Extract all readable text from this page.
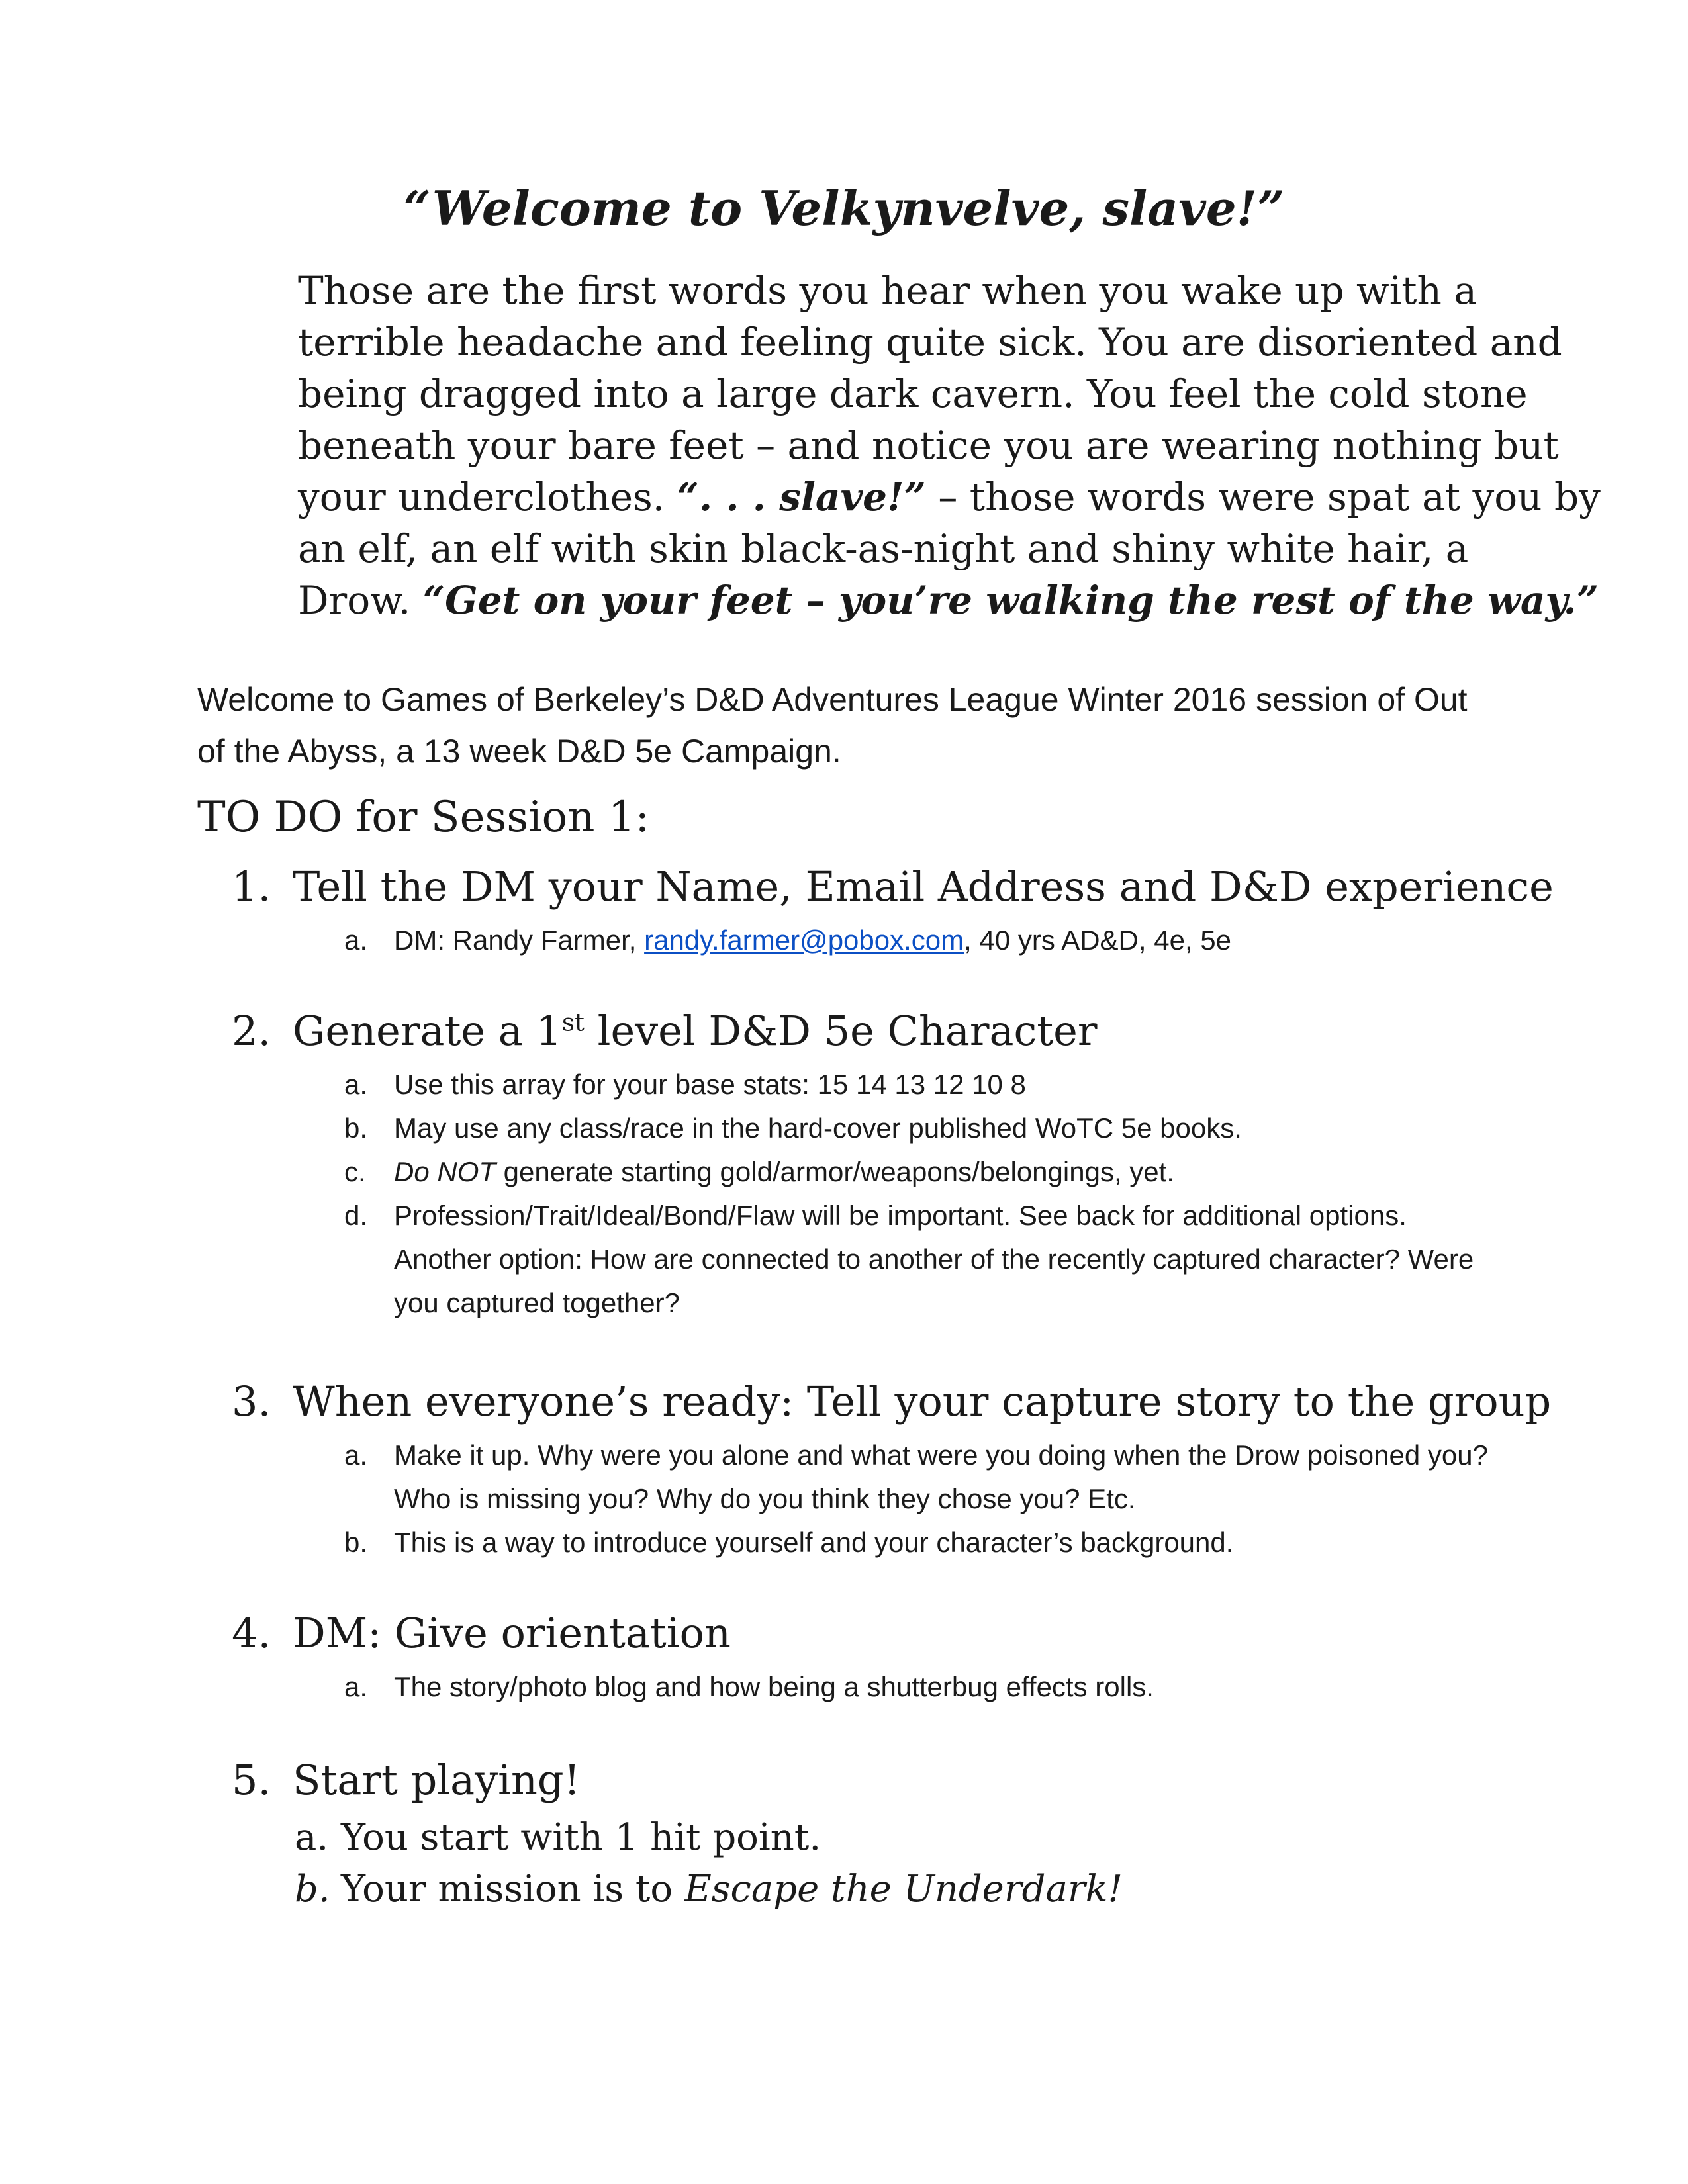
“Welcome to Velkynvelve, slave!”
Those are the first words you hear when you wake up with a
terrible headache and feeling quite sick. You are disoriented and
being dragged into a large dark cavern. You feel the cold stone
beneath your bare feet – and notice you are wearing nothing but
your underclothes. “. . . slave!” – those words were spat at you by
an elf, an elf with skin black-as-night and shiny white hair, a
Drow. “Get on your feet – you’re walking the rest of the way.”
Welcome to Games of Berkeley’s D&D Adventures League Winter 2016 session of Out of the Abyss, a 13 week D&D 5e Campaign.
TO DO for Session 1:
1. Tell the DM your Name, Email Address and D&D experience
a. DM: Randy Farmer, randy.farmer@pobox.com, 40 yrs AD&D, 4e, 5e
2. Generate a 1st level D&D 5e Character
a. Use this array for your base stats: 15 14 13 12 10 8
b. May use any class/race in the hard-cover published WoTC 5e books.
c. Do NOT generate starting gold/armor/weapons/belongings, yet.
d. Profession/Trait/Ideal/Bond/Flaw will be important. See back for additional options. Another option: How are connected to another of the recently captured character? Were you captured together?
3. When everyone’s ready: Tell your capture story to the group
a. Make it up. Why were you alone and what were you doing when the Drow poisoned you? Who is missing you? Why do you think they chose you? Etc.
b. This is a way to introduce yourself and your character’s background.
4. DM: Give orientation
a. The story/photo blog and how being a shutterbug effects rolls.
5. Start playing!
a. You start with 1 hit point.
b. Your mission is to Escape the Underdark!
